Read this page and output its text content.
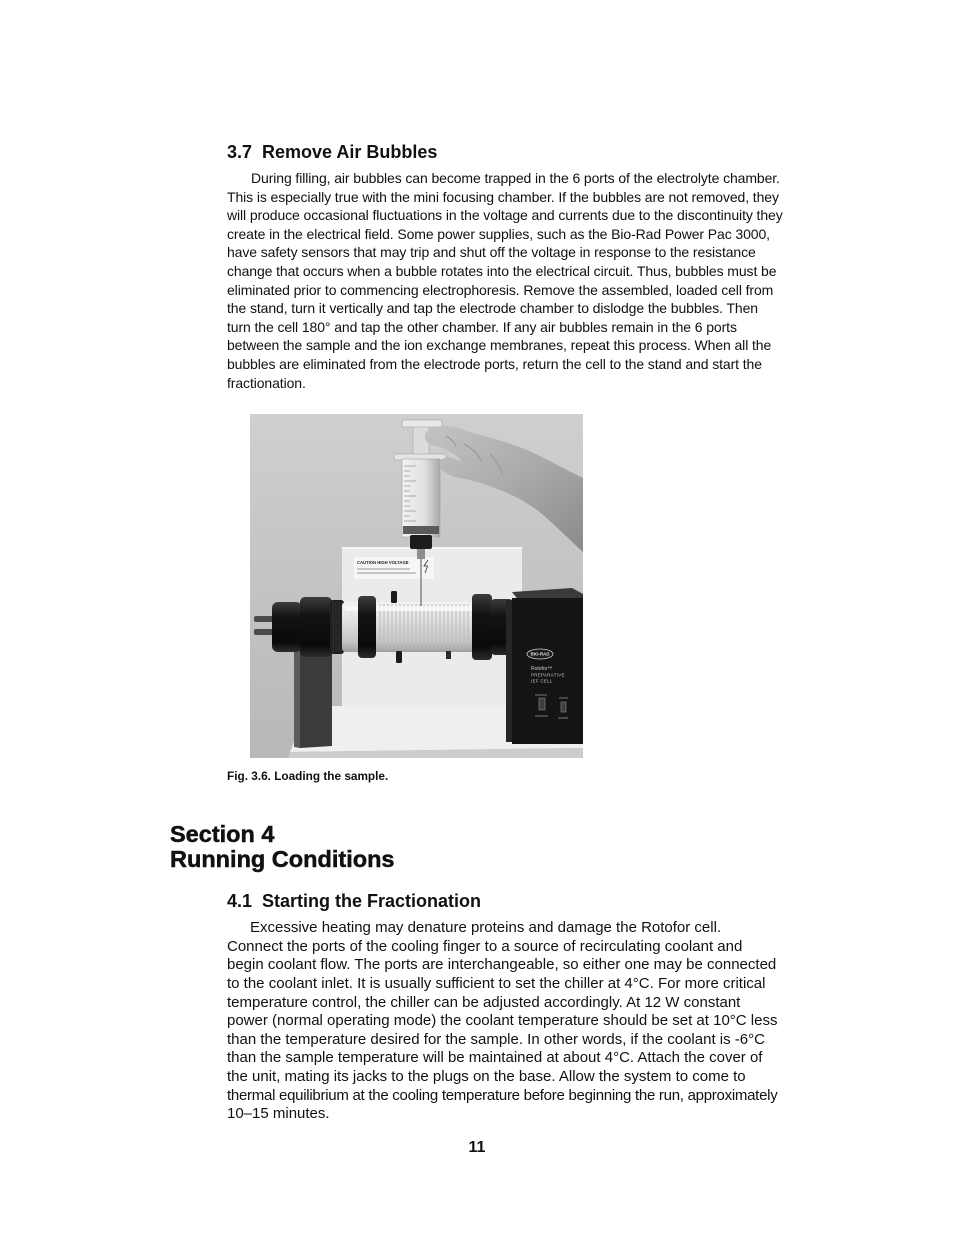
3.7 Remove Air Bubbles
During filling, air bubbles can become trapped in the 6 ports of the electrolyte chamber.
This is especially true with the mini focusing chamber. If the bubbles are not removed, they
will produce occasional fluctuations in the voltage and currents due to the discontinuity they
create in the electrical field. Some power supplies, such as the Bio-Rad Power Pac 3000,
have safety sensors that may trip and shut off the voltage in response to the resistance
change that occurs when a bubble rotates into the electrical circuit. Thus, bubbles must be
eliminated prior to commencing electrophoresis. Remove the assembled, loaded cell from
the stand, turn it vertically and tap the electrode chamber to dislodge the bubbles. Then
turn the cell 180° and tap the other chamber. If any air bubbles remain in the 6 ports
between the sample and the ion exchange membranes, repeat this process. When all the
bubbles are eliminated from the electrode ports, return the cell to the stand and start the
fractionation.
CAUTION HIGH VOLTAGE
BIO-RAD
Rotofor™
PREPARATIVE
IEF CELL
Fig. 3.6. Loading the sample.
Section 4
Running Conditions
4.1 Starting the Fractionation
Excessive heating may denature proteins and damage the Rotofor cell.
Connect the ports of the cooling finger to a source of recirculating coolant and
begin coolant flow. The ports are interchangeable, so either one may be connected
to the coolant inlet. It is usually sufficient to set the chiller at 4°C. For more critical
temperature control, the chiller can be adjusted accordingly. At 12 W constant
power (normal operating mode) the coolant temperature should be set at 10°C less
than the temperature desired for the sample. In other words, if the coolant is -6°C
than the sample temperature will be maintained at about 4°C. Attach the cover of
the unit, mating its jacks to the plugs on the base. Allow the system to come to
thermal equilibrium at the cooling temperature before beginning the run, approximately
10–15 minutes.
11
